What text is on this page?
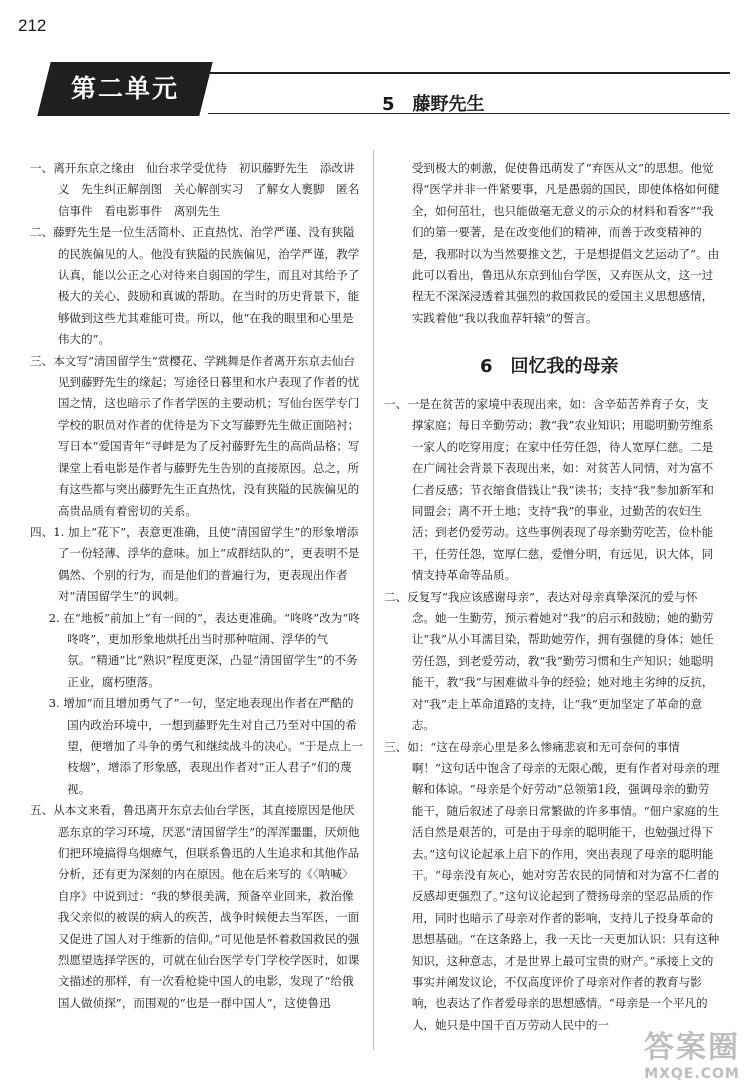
212
第二单元
5　藤野先生

一、离开东京之缘由　仙台求学受优待　初识藤野先生　添改讲义　先生纠正解剖图　关心解剖实习　了解女人裹脚　匿名信事件　看电影事件　离别先生

二、藤野先生是一位生活简朴、正直热忱、治学严谨、没有狭隘的民族偏见的人。他没有狭隘的民族偏见，治学严谨，教学认真，能以公正之心对待来自弱国的学生，而且对其给予了极大的关心、鼓励和真诚的帮助。在当时的历史背景下，能够做到这些尤其难能可贵。所以，他“在我的眼里和心里是伟大的”。

三、本文写“清国留学生”赏樱花、学跳舞是作者离开东京去仙台见到藤野先生的缘起；写途径日暮里和水户表现了作者的忧国之情，这也暗示了作者学医的主要动机；写仙台医学专门学校的职员对作者的优待是为下文写藤野先生做正面陪衬；写日本“爱国青年”寻衅是为了反衬藤野先生的高尚品格；写课堂上看电影是作者与藤野先生告别的直接原因。总之，所有这些都与突出藤野先生正直热忱，没有狭隘的民族偏见的高贵品质有着密切的关系。

四、1. 加上“花下”，表意更准确，且使“清国留学生”的形象增添了一份轻薄、浮华的意味。加上“成群结队的”，更表明不是偶然、个别的行为，而是他们的普遍行为，更表现出作者对“清国留学生”的讽刺。

2. 在“地板”前加上“有一间的”，表达更准确。“咚咚”改为“咚咚咚”，更加形象地烘托出当时那种喧闹、浮华的气氛。“精通”比“熟识”程度更深，凸显“清国留学生”的不务正业，腐朽堕落。

3. 增加“而且增加勇气了”一句，坚定地表现出作者在严酷的国内政治环境中，一想到藤野先生对自己乃至对中国的希望，便增加了斗争的勇气和继续战斗的决心。“于是点上一枝烟”，增添了形象感，表现出作者对“正人君子”们的蔑视。

五、从本文来看，鲁迅离开东京去仙台学医，其直接原因是他厌恶东京的学习环境，厌恶“清国留学生”的浑浑噩噩，厌烦他们把环境搞得乌烟瘴气，但联系鲁迅的人生追求和其他作品分析，还有更为深刻的内在原因。他在后来写的《〈呐喊〉自序》中说到过：“我的梦很美满，预备卒业回来，救治像我父亲似的被误的病人的疾苦，战争时候便去当军医，一面又促进了国人对于维新的信仰。”可见他是怀着救国救民的强烈愿望选择学医的，可就在仙台医学专门学校学医时，如课文描述的那样，有一次看枪毙中国人的电影，发现了“给俄国人做侦探”，而围观的“也是一群中国人”，这使鲁迅

受到极大的刺激，促使鲁迅萌发了“弃医从文”的思想。他觉得“医学并非一件紧要事，凡是愚弱的国民，即使体格如何健全，如何茁壮，也只能做毫无意义的示众的材料和看客”“我们的第一要著，是在改变他们的精神，而善于改变精神的是，我那时以为当然要推文艺，于是想提倡文艺运动了”。由此可以看出，鲁迅从东京到仙台学医，又弃医从文，这一过程无不深深浸透着其强烈的救国救民的爱国主义思想感情，实践着他“我以我血荐轩辕”的誓言。

6　回忆我的母亲

一、一是在贫苦的家境中表现出来，如：含辛茹苦养育子女，支撑家庭；每日辛勤劳动；教“我”农业知识；用聪明勤劳维系一家人的吃穿用度；在家中任劳任怨，待人宽厚仁慈。二是在广阔社会背景下表现出来，如：对贫苦人同情，对为富不仁者反感；节衣缩食借钱让“我”读书；支持“我”参加新军和同盟会；离不开土地；支持“我”的事业，过勤苦的农妇生活；到老仍爱劳动。这些事例表现了母亲勤劳吃苦，俭朴能干，任劳任怨，宽厚仁慈，爱憎分明，有远见，识大体，同情支持革命等品质。

二、反复写“我应该感谢母亲”，表达对母亲真挚深沉的爱与怀念。她一生勤劳，预示着她对“我”的启示和鼓励；她的勤劳让“我”从小耳濡目染，帮助她劳作，拥有强健的身体；她任劳任怨，到老爱劳动，教“我”勤劳习惯和生产知识；她聪明能干，教“我”与困难做斗争的经验；她对地主劣绅的反抗，对“我”走上革命道路的支持，让“我”更加坚定了革命的意志。

三、如：“这在母亲心里是多么惨痛悲哀和无可奈何的事情啊！”这句话中饱含了母亲的无限心酸，更有作者对母亲的理解和体谅。“母亲是个好劳动”总领第1段，强调母亲的勤劳能干，随后叙述了母亲日常繁做的许多事情。“佃户家庭的生活自然是艰苦的，可是由于母亲的聪明能干，也勉强过得下去。”这句议论起承上启下的作用，突出表现了母亲的聪明能干。“母亲没有灰心，她对穷苦农民的同情和对为富不仁者的反感却更强烈了。”这句议论起到了赞扬母亲的坚忍品质的作用，同时也暗示了母亲对作者的影响，支持儿子投身革命的思想基础。“在这条路上，我一天比一天更加认识：只有这种知识，这种意志，才是世界上最可宝贵的财产。”承接上文的事实并阐发议论，不仅高度评价了母亲对作者的教育与影响，也表达了作者爱母亲的思想感情。“母亲是一个平凡的人，她只是中国千百万劳动人民中的一

答案圈
MXQE.COM
